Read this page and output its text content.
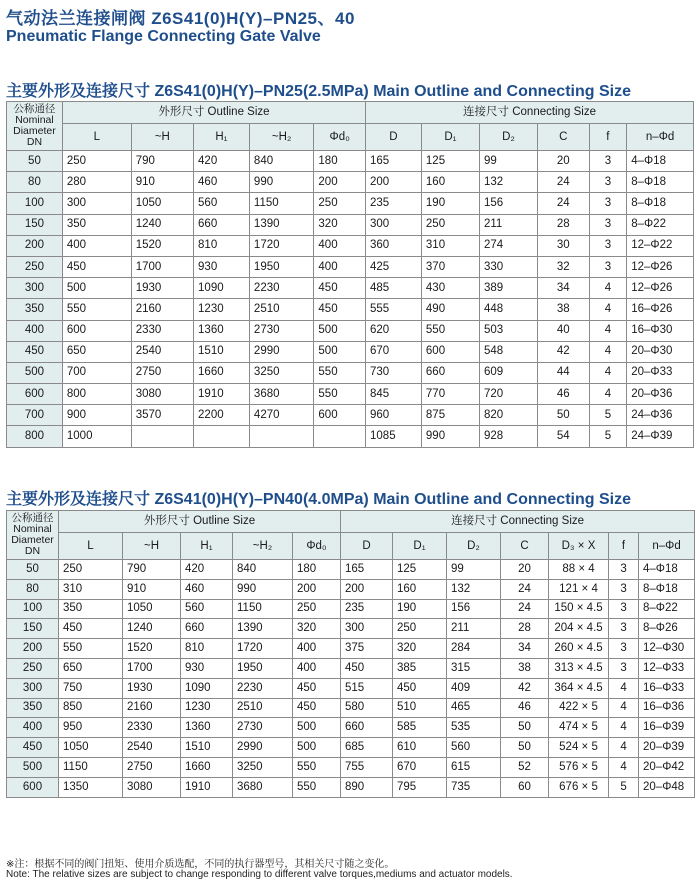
气动法兰连接闸阀 Z6S41(0)H(Y)–PN25、40
Pneumatic Flange Connecting Gate Valve
主要外形及连接尺寸 Z6S41(0)H(Y)–PN25(2.5MPa) Main Outline and Connecting Size
公称通径
Nominal
Diameter
DN	外形尺寸 Outline Size					连接尺寸 Connecting Size					
	L	~H	H₁	~H₂	Φd₀	D	D₁	D₂	C	f	n–Φd
50	250	790	420	840	180	165	125	99	20	3	4–Φ18
80	280	910	460	990	200	200	160	132	24	3	8–Φ18
100	300	1050	560	1150	250	235	190	156	24	3	8–Φ18
150	350	1240	660	1390	320	300	250	211	28	3	8–Φ22
200	400	1520	810	1720	400	360	310	274	30	3	12–Φ22
250	450	1700	930	1950	400	425	370	330	32	3	12–Φ26
300	500	1930	1090	2230	450	485	430	389	34	4	12–Φ26
350	550	2160	1230	2510	450	555	490	448	38	4	16–Φ26
400	600	2330	1360	2730	500	620	550	503	40	4	16–Φ30
450	650	2540	1510	2990	500	670	600	548	42	4	20–Φ30
500	700	2750	1660	3250	550	730	660	609	44	4	20–Φ33
600	800	3080	1910	3680	550	845	770	720	46	4	20–Φ36
700	900	3570	2200	4270	600	960	875	820	50	5	24–Φ36
800	1000					1085	990	928	54	5	24–Φ39
主要外形及连接尺寸 Z6S41(0)H(Y)–PN40(4.0MPa) Main Outline and Connecting Size
公称通径
Nominal
Diameter
DN	外形尺寸 Outline Size					连接尺寸 Connecting Size						
	L	~H	H₁	~H₂	Φd₀	D	D₁	D₂	C	D₃ × X	f	n–Φd
50	250	790	420	840	180	165	125	99	20	88 × 4	3	4–Φ18
80	310	910	460	990	200	200	160	132	24	121 × 4	3	8–Φ18
100	350	1050	560	1150	250	235	190	156	24	150 × 4.5	3	8–Φ22
150	450	1240	660	1390	320	300	250	211	28	204 × 4.5	3	8–Φ26
200	550	1520	810	1720	400	375	320	284	34	260 × 4.5	3	12–Φ30
250	650	1700	930	1950	400	450	385	315	38	313 × 4.5	3	12–Φ33
300	750	1930	1090	2230	450	515	450	409	42	364 × 4.5	4	16–Φ33
350	850	2160	1230	2510	450	580	510	465	46	422 × 5	4	16–Φ36
400	950	2330	1360	2730	500	660	585	535	50	474 × 5	4	16–Φ39
450	1050	2540	1510	2990	500	685	610	560	50	524 × 5	4	20–Φ39
500	1150	2750	1660	3250	550	755	670	615	52	576 × 5	4	20–Φ42
600	1350	3080	1910	3680	550	890	795	735	60	676 × 5	5	20–Φ48
※注：根据不同的阀门扭矩、使用介质选配，不同的执行器型号，其相关尺寸随之变化。
Note: The relative sizes are subject to change responding to different valve torques,mediums and actuator models.
